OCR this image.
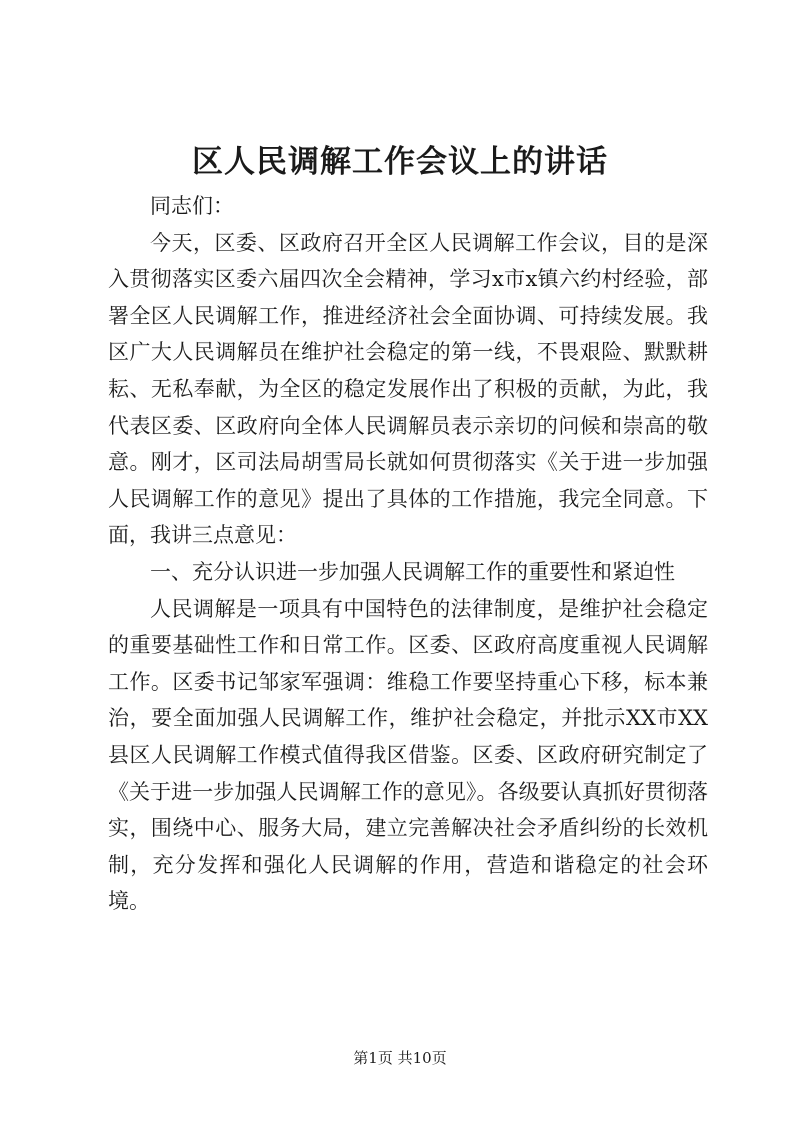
区人民调解工作会议上的讲话

同志们：

今天，区委、区政府召开全区人民调解工作会议，目的是深入贯彻落实区委六届四次全会精神，学习x市x镇六约村经验，部署全区人民调解工作，推进经济社会全面协调、可持续发展。我区广大人民调解员在维护社会稳定的第一线，不畏艰险、默默耕耘、无私奉献，为全区的稳定发展作出了积极的贡献，为此，我代表区委、区政府向全体人民调解员表示亲切的问候和崇高的敬意。刚才，区司法局胡雪局长就如何贯彻落实《关于进一步加强人民调解工作的意见》提出了具体的工作措施，我完全同意。下面，我讲三点意见：

一、充分认识进一步加强人民调解工作的重要性和紧迫性

人民调解是一项具有中国特色的法律制度，是维护社会稳定的重要基础性工作和日常工作。区委、区政府高度重视人民调解工作。区委书记邹家军强调：维稳工作要坚持重心下移，标本兼治，要全面加强人民调解工作，维护社会稳定，并批示XX市XX县区人民调解工作模式值得我区借鉴。区委、区政府研究制定了《关于进一步加强人民调解工作的意见》。各级要认真抓好贯彻落实，围绕中心、服务大局，建立完善解决社会矛盾纠纷的长效机制，充分发挥和强化人民调解的作用，营造和谐稳定的社会环境。

第1页 共10页
